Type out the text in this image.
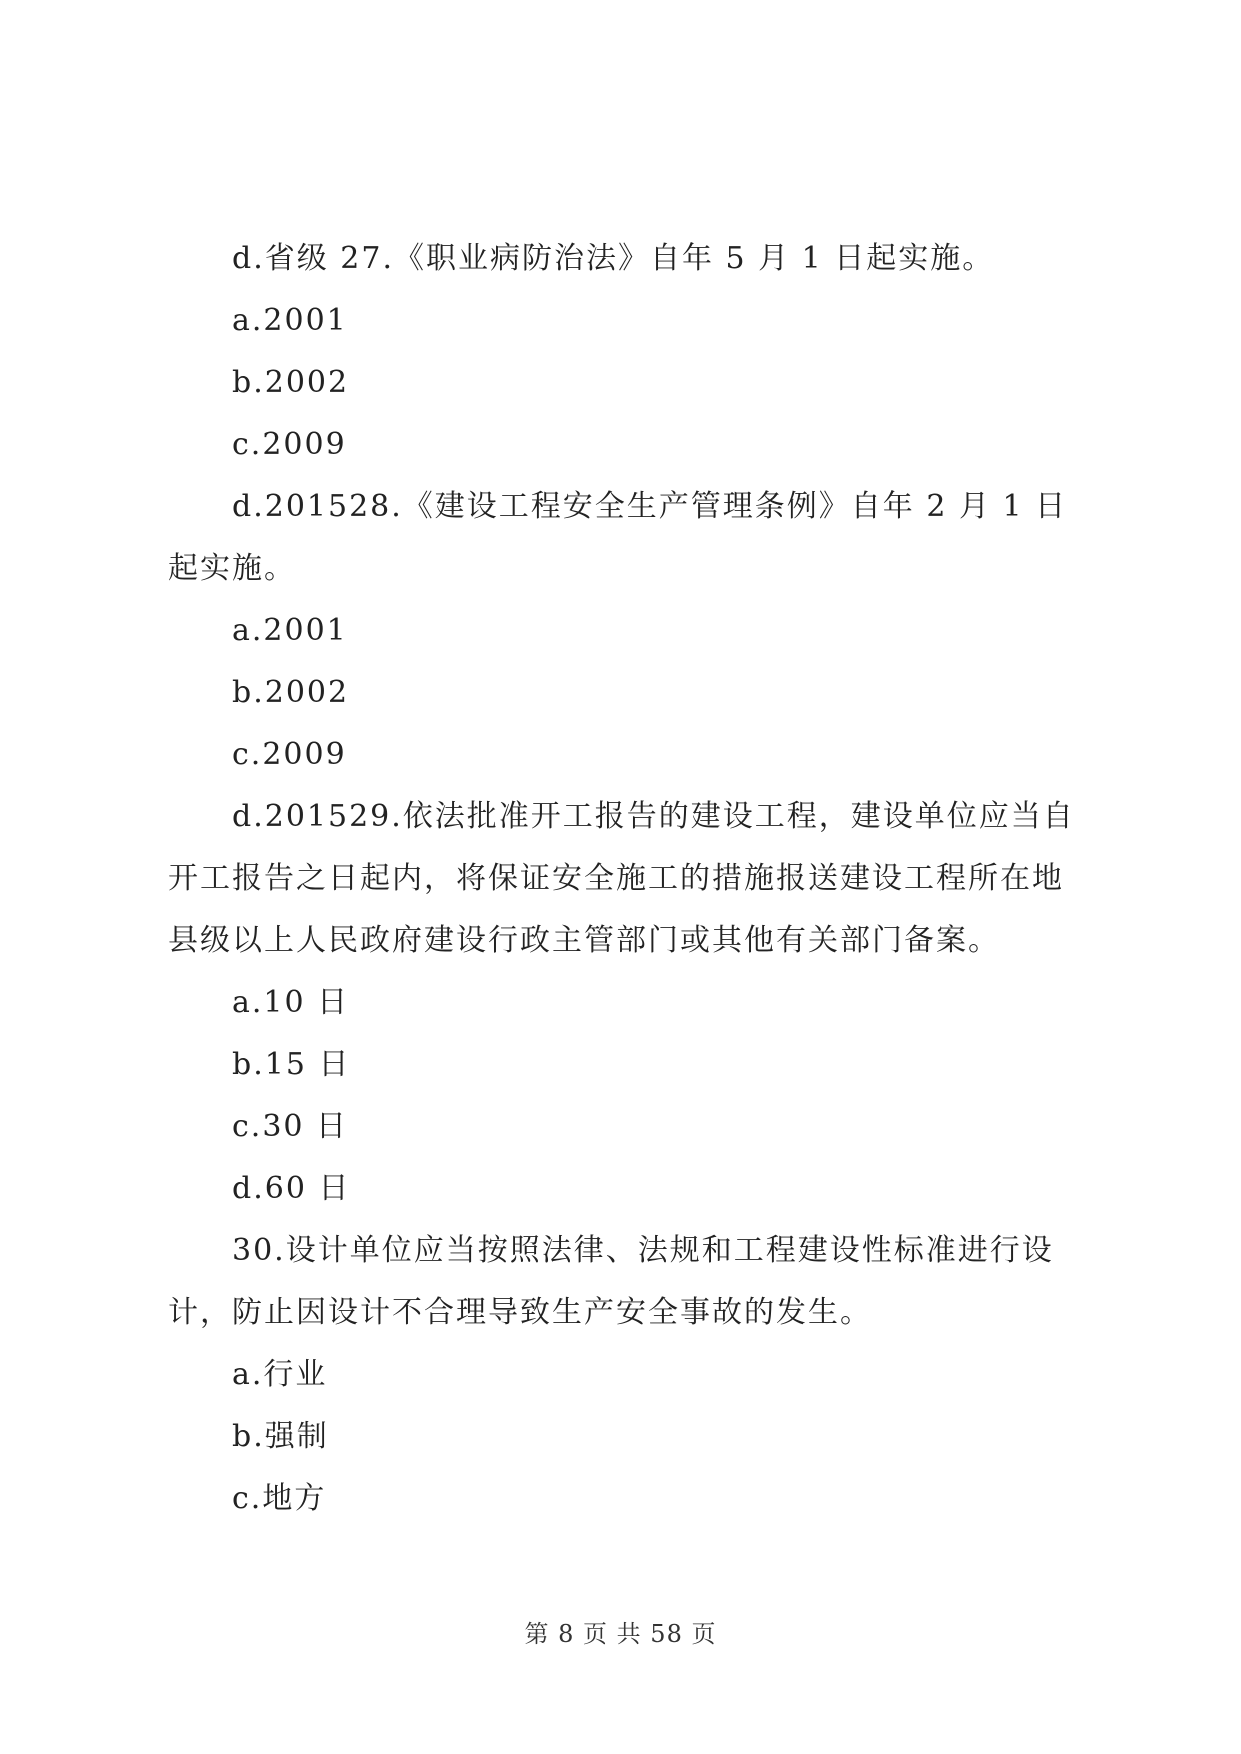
d.省级 27.《职业病防治法》自年 5 月 1 日起实施。

a.2001

b.2002

c.2009

d.201528.《建设工程安全生产管理条例》自年 2 月 1 日起实施。

a.2001

b.2002

c.2009

d.201529.依法批准开工报告的建设工程，建设单位应当自开工报告之日起内，将保证安全施工的措施报送建设工程所在地县级以上人民政府建设行政主管部门或其他有关部门备案。

a.10 日

b.15 日

c.30 日

d.60 日

30.设计单位应当按照法律、法规和工程建设性标准进行设计，防止因设计不合理导致生产安全事故的发生。

a.行业

b.强制

c.地方

第 8 页 共 58 页
